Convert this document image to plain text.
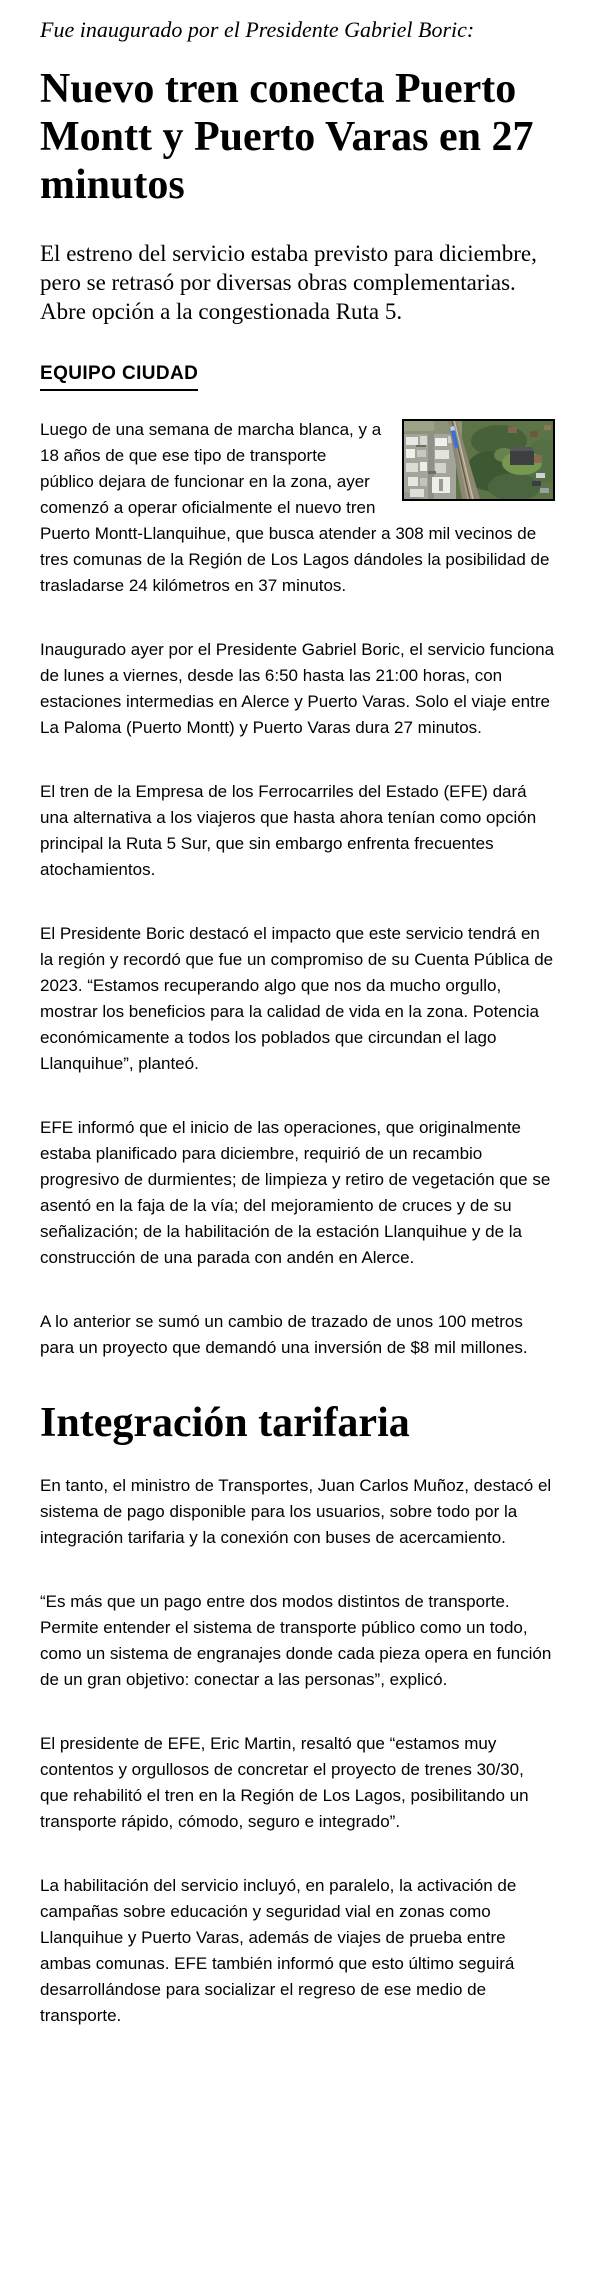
Fue inaugurado por el Presidente Gabriel Boric:

Nuevo tren conecta Puerto Montt y Puerto Varas en 27 minutos

El estreno del servicio estaba previsto para diciembre, pero se retrasó por diversas obras complementarias. Abre opción a la congestionada Ruta 5.

EQUIPO CIUDAD

Luego de una semana de marcha blanca, y a 18 años de que ese tipo de transporte público dejara de funcionar en la zona, ayer comenzó a operar oficialmente el nuevo tren Puerto Montt-Llanquihue, que busca atender a 308 mil vecinos de tres comunas de la Región de Los Lagos dándoles la posibilidad de trasladarse 24 kilómetros en 37 minutos.

Inaugurado ayer por el Presidente Gabriel Boric, el servicio funciona de lunes a viernes, desde las 6:50 hasta las 21:00 horas, con estaciones intermedias en Alerce y Puerto Varas. Solo el viaje entre La Paloma (Puerto Montt) y Puerto Varas dura 27 minutos.

El tren de la Empresa de los Ferrocarriles del Estado (EFE) dará una alternativa a los viajeros que hasta ahora tenían como opción principal la Ruta 5 Sur, que sin embargo enfrenta frecuentes atochamientos.

El Presidente Boric destacó el impacto que este servicio tendrá en la región y recordó que fue un compromiso de su Cuenta Pública de 2023. “Estamos recuperando algo que nos da mucho orgullo, mostrar los beneficios para la calidad de vida en la zona. Potencia económicamente a todos los poblados que circundan el lago Llanquihue”, planteó.

EFE informó que el inicio de las operaciones, que originalmente estaba planificado para diciembre, requirió de un recambio progresivo de durmientes; de limpieza y retiro de vegetación que se asentó en la faja de la vía; del mejoramiento de cruces y de su señalización; de la habilitación de la estación Llanquihue y de la construcción de una parada con andén en Alerce.

A lo anterior se sumó un cambio de trazado de unos 100 metros para un proyecto que demandó una inversión de $8 mil millones.

Integración tarifaria

En tanto, el ministro de Transportes, Juan Carlos Muñoz, destacó el sistema de pago disponible para los usuarios, sobre todo por la integración tarifaria y la conexión con buses de acercamiento.

“Es más que un pago entre dos modos distintos de transporte. Permite entender el sistema de transporte público como un todo, como un sistema de engranajes donde cada pieza opera en función de un gran objetivo: conectar a las personas”, explicó.

El presidente de EFE, Eric Martin, resaltó que “estamos muy contentos y orgullosos de concretar el proyecto de trenes 30/30, que rehabilitó el tren en la Región de Los Lagos, posibilitando un transporte rápido, cómodo, seguro e integrado”.

La habilitación del servicio incluyó, en paralelo, la activación de campañas sobre educación y seguridad vial en zonas como Llanquihue y Puerto Varas, además de viajes de prueba entre ambas comunas. EFE también informó que esto último seguirá desarrollándose para socializar el regreso de ese medio de transporte.
